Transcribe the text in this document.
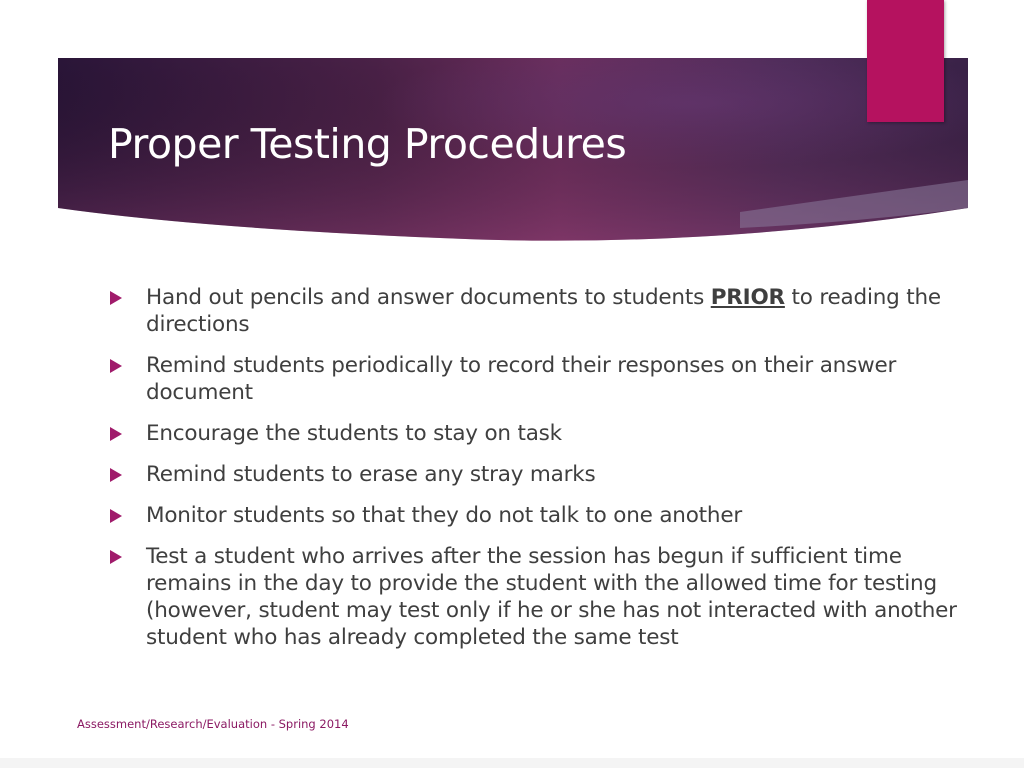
Proper Testing Procedures
Hand out pencils and answer documents to students PRIOR to reading the directions
Remind students periodically to record their responses on their answer document
Encourage the students to stay on task
Remind students to erase any stray marks
Monitor students so that they do not talk to one another
Test a student who arrives after the session has begun if sufficient time remains in the day to provide the student with the allowed time for testing (however, student may test only if he or she has not interacted with another student who has already completed the same test
Assessment/Research/Evaluation - Spring 2014
